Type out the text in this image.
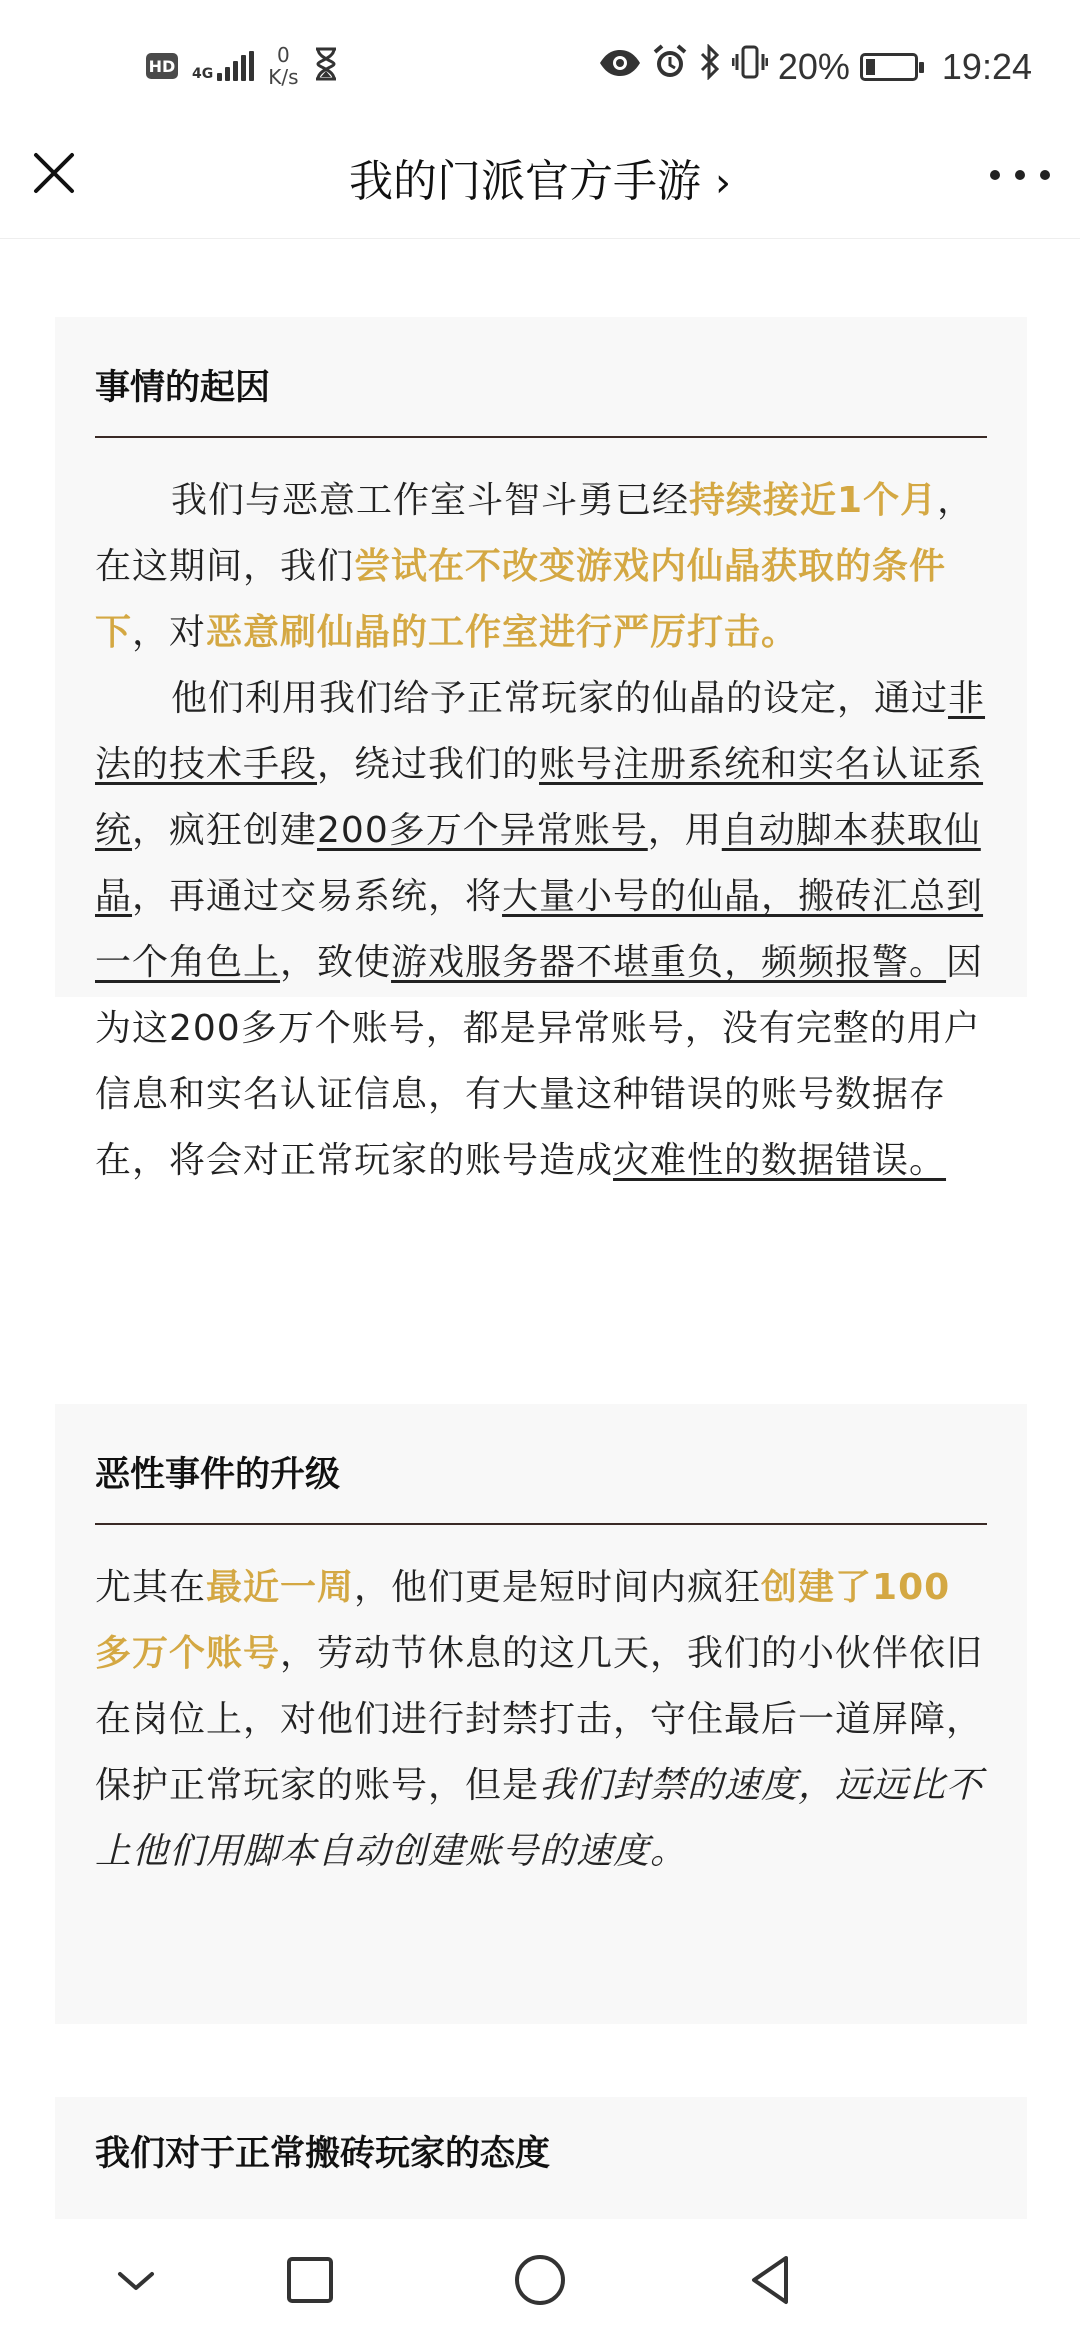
HD 4G
0
K/s	20%	19:24
我的门派官方手游 ›
事情的起因

我们与恶意工作室斗智斗勇已经持续接近1个月，在这期间，我们尝试在不改变游戏内仙晶获取的条件下，对恶意刷仙晶的工作室进行严厉打击。

他们利用我们给予正常玩家的仙晶的设定，通过非法的技术手段，绕过我们的账号注册系统和实名认证系统，疯狂创建200多万个异常账号，用自动脚本获取仙晶，再通过交易系统，将大量小号的仙晶，搬砖汇总到一个角色上，致使游戏服务器不堪重负，频频报警。因为这200多万个账号，都是异常账号，没有完整的用户信息和实名认证信息，有大量这种错误的账号数据存在，将会对正常玩家的账号造成灾难性的数据错误。

恶性事件的升级

尤其在最近一周，他们更是短时间内疯狂创建了100多万个账号，劳动节休息的这几天，我们的小伙伴依旧在岗位上，对他们进行封禁打击，守住最后一道屏障，保护正常玩家的账号，但是我们封禁的速度，远远比不上他们用脚本自动创建账号的速度。

我们对于正常搬砖玩家的态度
